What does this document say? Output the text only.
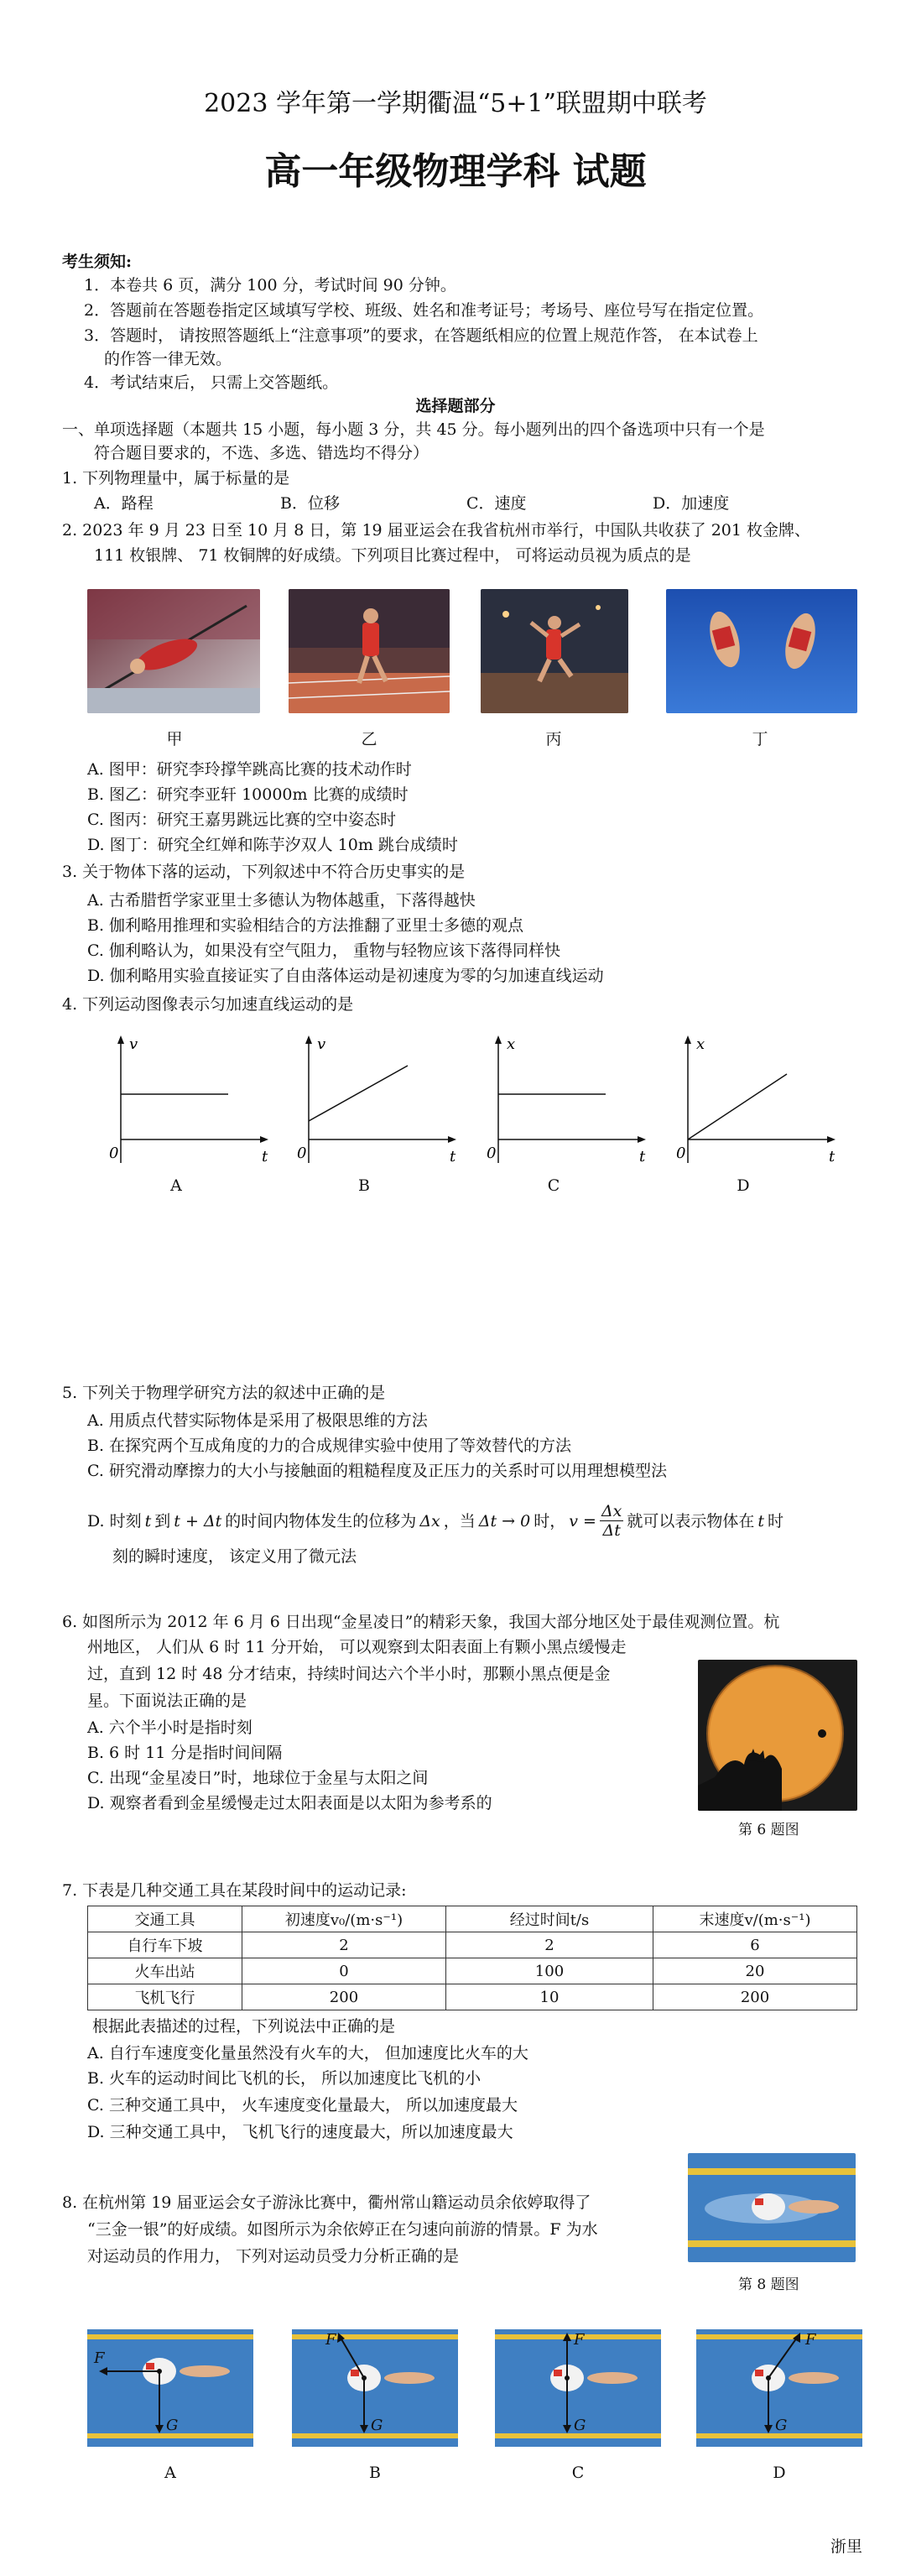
2023 学年第一学期衢温“5+1”联盟期中联考
高一年级物理学科 试题
考生须知:
1．本卷共 6 页，满分 100 分，考试时间 90 分钟。
2．答题前在答题卷指定区域填写学校、班级、姓名和准考证号；考场号、座位号写在指定位置。
3．答题时， 请按照答题纸上“注意事项”的要求，在答题纸相应的位置上规范作答， 在本试卷上
的作答一律无效。
4．考试结束后， 只需上交答题纸。
选择题部分
一、单项选择题（本题共 15 小题，每小题 3 分，共 45 分。每小题列出的四个备选项中只有一个是
符合题目要求的，不选、多选、错选均不得分）
1. 下列物理量中，属于标量的是
A．路程	B．位移	C．速度	D．加速度
2. 2023 年 9 月 23 日至 10 月 8 日，第 19 届亚运会在我省杭州市举行，中国队共收获了 201 枚金牌、
111 枚银牌、 71 枚铜牌的好成绩。下列项目比赛过程中， 可将运动员视为质点的是
甲	乙	丙	丁
A. 图甲：研究李玲撑竿跳高比赛的技术动作时
B. 图乙：研究李亚轩 10000m 比赛的成绩时
C. 图丙：研究王嘉男跳远比赛的空中姿态时
D. 图丁：研究全红婵和陈芋汐双人 10m 跳台成绩时
3. 关于物体下落的运动，下列叙述中不符合历史事实的是
A. 古希腊哲学家亚里士多德认为物体越重，下落得越快
B. 伽利略用推理和实验相结合的方法推翻了亚里士多德的观点
C. 伽利略认为，如果没有空气阻力， 重物与轻物应该下落得同样快
D. 伽利略用实验直接证实了自由落体运动是初速度为零的匀加速直线运动
4. 下列运动图像表示匀加速直线运动的是
v
t
0
v
t
0
x
t
0
x
t
0
A	B	C	D
5. 下列关于物理学研究方法的叙述中正确的是
A. 用质点代替实际物体是采用了极限思维的方法
B. 在探究两个互成角度的力的合成规律实验中使用了等效替代的方法
C. 研究滑动摩擦力的大小与接触面的粗糙程度及正压力的关系时可以用理想模型法
D. 时刻 t 到 t + Δt 的时间内物体发生的位移为 Δx ，当 Δt → 0 时， $v = \frac{\Delta x}{\Delta t}$ 就可以表示物体在 t 时
刻的瞬时速度， 该定义用了微元法
6. 如图所示为 2012 年 6 月 6 日出现“金星凌日”的精彩天象，我国大部分地区处于最佳观测位置。杭
州地区， 人们从 6 时 11 分开始， 可以观察到太阳表面上有颗小黑点缓慢走
过，直到 12 时 48 分才结束，持续时间达六个半小时，那颗小黑点便是金
星。下面说法正确的是
A. 六个半小时是指时刻
B. 6 时 11 分是指时间间隔
C. 出现“金星凌日”时，地球位于金星与太阳之间
D. 观察者看到金星缓慢走过太阳表面是以太阳为参考系的
第 6 题图
7. 下表是几种交通工具在某段时间中的运动记录:
交通工具	初速度v₀/(m·s⁻¹)	经过时间t/s	末速度v/(m·s⁻¹)
自行车下坡	2	2	6
火车出站	0	100	20
飞机飞行	200	10	200
根据此表描述的过程，下列说法中正确的是
A. 自行车速度变化量虽然没有火车的大， 但加速度比火车的大
B. 火车的运动时间比飞机的长， 所以加速度比飞机的小
C. 三种交通工具中， 火车速度变化量最大， 所以加速度最大
D. 三种交通工具中， 飞机飞行的速度最大，所以加速度最大
第 8 题图
8. 在杭州第 19 届亚运会女子游泳比赛中，衢州常山籍运动员余依婷取得了
“三金一银”的好成绩。如图所示为余依婷正在匀速向前游的情景。F 为水
对运动员的作用力， 下列对运动员受力分析正确的是
F
G
F
G
F
G
F
G
A	B	C	D
浙里
